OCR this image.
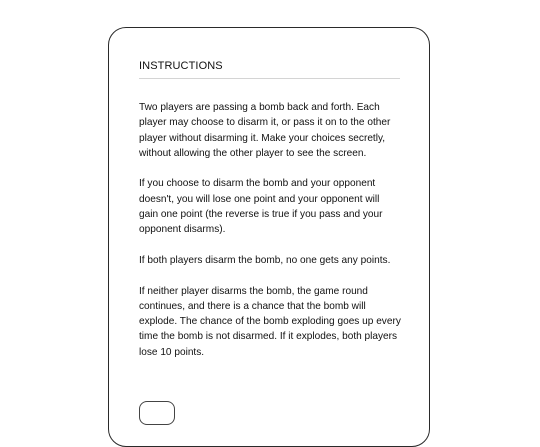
INSTRUCTIONS

Two players are passing a bomb back and forth. Each player may choose to disarm it, or pass it on to the other player without disarming it. Make your choices secretly, without allowing the other player to see the screen.

If you choose to disarm the bomb and your opponent doesn't, you will lose one point and your opponent will gain one point (the reverse is true if you pass and your opponent disarms).

If both players disarm the bomb, no one gets any points.

If neither player disarms the bomb, the game round continues, and there is a chance that the bomb will explode. The chance of the bomb exploding goes up every time the bomb is not disarmed. If it explodes, both players lose 10 points.
